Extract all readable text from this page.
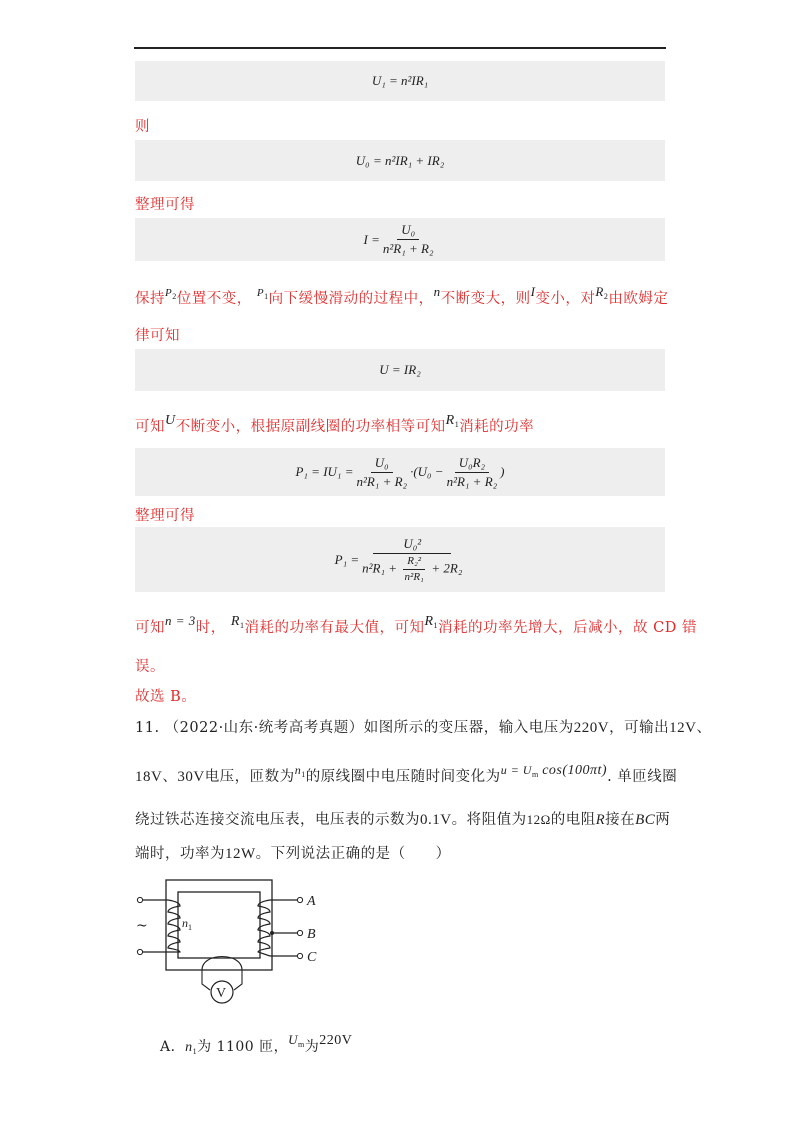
U₁ = n²IR₁
则
U₀ = n²IR₁ + IR₂
整理可得
$I = \frac{\text{U₀}}{\text{n²R₁ + R₂}}$
保持$^{P_2}$位置不变， $^{P_1}$向下缓慢滑动的过程中，n不断变大，则I变小，对$R_2$由欧姆定
律可知
U = IR₂
可知U不断变小，根据原副线圈的功率相等可知$R_1$消耗的功率
$P_1 = IU_1 = \frac{\text{U₀}}{\text{n²R₁ + R₂}} \cdot(U_0 - \frac{\text{U₀R₂}}{\text{n²R₁ + R₂}}$ )
整理可得
P₁ =
U₀²
$n^2R_1 + \frac{\text{R₂²}}{\text{n²R₁}} + 2R_2$
可知n = 3时， $R_1$消耗的功率有最大值，可知$R_1$消耗的功率先增大，后减小，故 CD 错
误。
故选 B。
11. （2022·山东·统考高考真题）如图所示的变压器，输入电压为220V，可输出12V、
18V、30V电压，匝数为$^{n_1}$的原线圈中电压随时间变化为$^{u = U_m cos(100\pi t)}$. 单匝线圈
绕过铁芯连接交流电压表，电压表的示数为0.1V。将阻值为12Ω的电阻R接在BC两
端时，功率为12W。下列说法正确的是（　　）
~	$n_1$
A
B
C
V
A．$n_1$为 1100 匝，$U_m$为220V
